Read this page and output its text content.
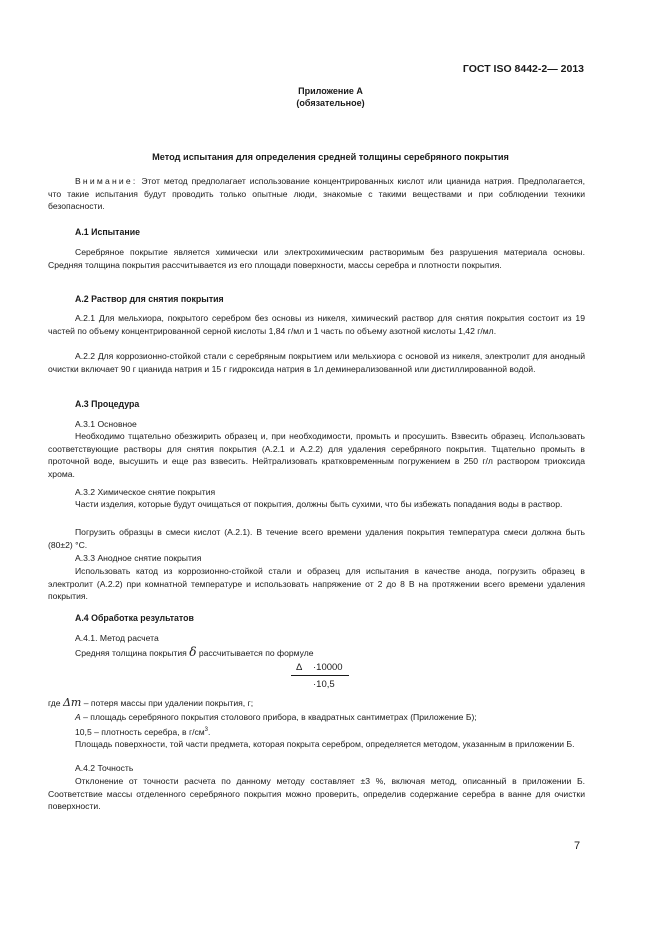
ГОСТ ISO 8442-2— 2013
Приложение А
(обязательное)
Метод испытания для определения средней толщины серебряного покрытия
Внимание: Этот метод предполагает использование концентрированных кислот или цианида натрия. Предполагается, что такие испытания будут проводить только опытные люди, знакомые с такими веществами и при соблюдении техники безопасности.
А.1 Испытание
Серебряное покрытие является химически или электрохимическим растворимым без разрушения материала основы. Средняя толщина покрытия рассчитывается из его площади поверхности, массы серебра и плотности покрытия.
А.2 Раствор для снятия покрытия
А.2.1 Для мельхиора, покрытого серебром без основы из никеля, химический раствор для снятия покрытия состоит из 19 частей по объему концентрированной серной кислоты 1,84 г/мл и 1 часть по объему азотной кислоты 1,42 г/мл.
А.2.2 Для коррозионно-стойкой стали с серебряным покрытием или мельхиора с основой из никеля, электролит для анодный очистки включает 90 г цианида натрия и 15 г гидроксида натрия в 1л деминерализованной или дистиллированной водой.
А.3 Процедура
А.3.1 Основное
Необходимо тщательно обезжирить образец и, при необходимости, промыть и просушить. Взвесить образец. Использовать соответствующие растворы для снятия покрытия (А.2.1 и А.2.2) для удаления серебряного покрытия. Тщательно промыть в проточной воде, высушить и еще раз взвесить. Нейтрализовать кратковременным погружением в 250 г/л раствором триоксида хрома.
А.3.2 Химическое снятие покрытия
Части изделия, которые будут очищаться от покрытия, должны быть сухими, что бы избежать попадания воды в раствор.
Погрузить образцы в смеси кислот (А.2.1). В течение всего времени удаления покрытия температура смеси должна быть (80±2) °С.
А.3.3 Анодное снятие покрытия
Использовать катод из коррозионно-стойкой стали и образец для испытания в качестве анода, погрузить образец в электролит (А.2.2) при комнатной температуре и использовать напряжение от 2 до 8 В на протяжении всего времени удаления покрытия.
А.4 Обработка результатов
А.4.1. Метод расчета
Средняя толщина покрытия δ рассчитывается по формуле
Δ ·10000
·10,5
где Δm – потеря массы при удалении покрытия, г;
A – площадь серебряного покрытия столового прибора, в квадратных сантиметрах (Приложение Б);
10,5 – плотность серебра, в $г/см^3$.
Площадь поверхности, той части предмета, которая покрыта серебром, определяется методом, указанным в приложении Б.
А.4.2 Точность
Отклонение от точности расчета по данному методу составляет ±3 %, включая метод, описанный в приложении Б. Соответствие массы отделенного серебряного покрытия можно проверить, определив содержание серебра в ванне для очистки поверхности.
7
